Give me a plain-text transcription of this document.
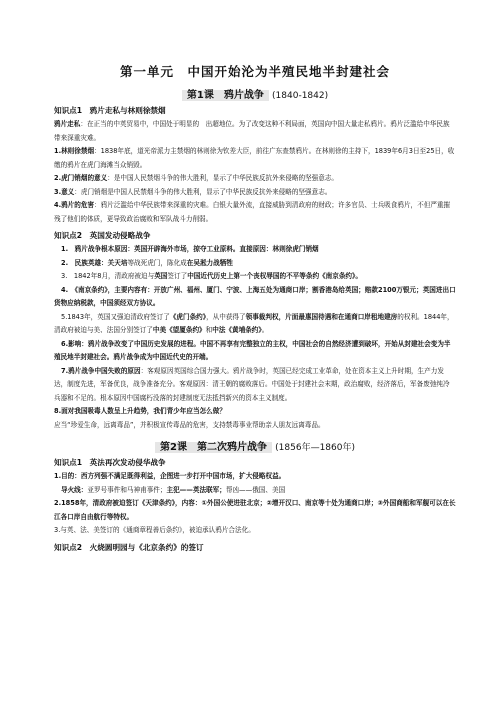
第一单元　中国开始沦为半殖民地半封建社会
第1课　鸦片战争 (1840-1842)
知识点1　鸦片走私与林则徐禁烟

鸦片走私：在正当的中英贸易中，中国处于明显的　出超地位。为了改变这种不利局面，英国向中国大量走私鸦片。鸦片泛滥给中华民族带来深重灾难。

1.林则徐禁烟：1838年底，道光帝派力主禁烟的林则徐为钦差大臣，前往广东查禁鸦片。在林则徐的主持下，1839年6月3日至25日，收缴的鸦片在虎门海滩当众销毁。

2.虎门销烟的意义：是中国人民禁烟斗争的伟大胜利，显示了中华民族反抗外来侵略的坚强意志。

3.意义：虎门销烟是中国人民禁烟斗争的伟大胜利，显示了中华民族反抗外来侵略的坚强意志。

4.鸦片的危害：鸦片泛滥给中华民族带来深重的灾难。白银大量外流，直接威胁到清政府的财政；许多官员、士兵吸食鸦片，不但严重摧残了他们的体质，更导致政治腐败和军队战斗力削弱。

知识点2　英国发动侵略战争

1.　鸦片战争根本原因：英国开辟海外市场，掠夺工业原料。直接原因：林则徐虎门销烟

2.　民族英雄：关天培等战死虎门，陈化成在吴淞力战牺牲

3.　1842年8月，清政府被迫与英国签订了中国近代历史上第一个丧权辱国的不平等条约《南京条约》。

4.　《南京条约》，主要内容有：开放广州、福州、厦门、宁波、上海五处为通商口岸；割香港岛给英国；赔款2100万银元；英国进出口货物应纳税款，中国须经双方协议。

5.1843年，英国又强迫清政府签订了《虎门条约》，从中获得了领事裁判权，片面最惠国待遇和在通商口岸租地建房的权利。1844年，清政府被迫与美、法国分别签订了中美《望厦条约》和中法《黄埔条约》。

6.影响：鸦片战争改变了中国历史发展的进程。中国不再享有完整独立的主权，中国社会的自然经济遭到破坏，开始从封建社会变为半殖民地半封建社会。鸦片战争成为中国近代史的开端。

7.鸦片战争中国失败的原因：客观原因英国综合国力强大。鸦片战争时，英国已经完成工业革命，处在资本主义上升时期，生产力发达，制度先进，军备优良，战争准备充分。客观原因：清王朝的腐败落后。中国处于封建社会末期，政治腐败，经济落后，军备废弛纯冷兵器和不足的。根本原因中国腐朽没落的封建制度无法抵挡新兴的资本主义制度。

8.面对我国吸毒人数呈上升趋势，我们青少年应当怎么做？

应当“珍爱生命，远离毒品”，并积极宣传毒品的危害，支持禁毒事业帮助亲人朋友远离毒品。

第2课　第二次鸦片战争 (1856年—1860年)
知识点1　英法再次发动侵华战争

1.目的：西方列强不满足既得利益，企图进一步打开中国市场，扩大侵略权益。

导火线：亚罗号事件和马神甫事件；主犯——英法联军；帮凶——俄国、美国

2.1858年，清政府被迫签订《天津条约》，内容：①外国公使进驻北京；②增开汉口、南京等十处为通商口岸；③外国商船和军舰可以在长江各口岸自由航行等特权。

3.与英、法、美签订的《通商章程善后条约》，被迫承认鸦片合法化。

知识点2　火烧圆明园与《北京条约》的签订
